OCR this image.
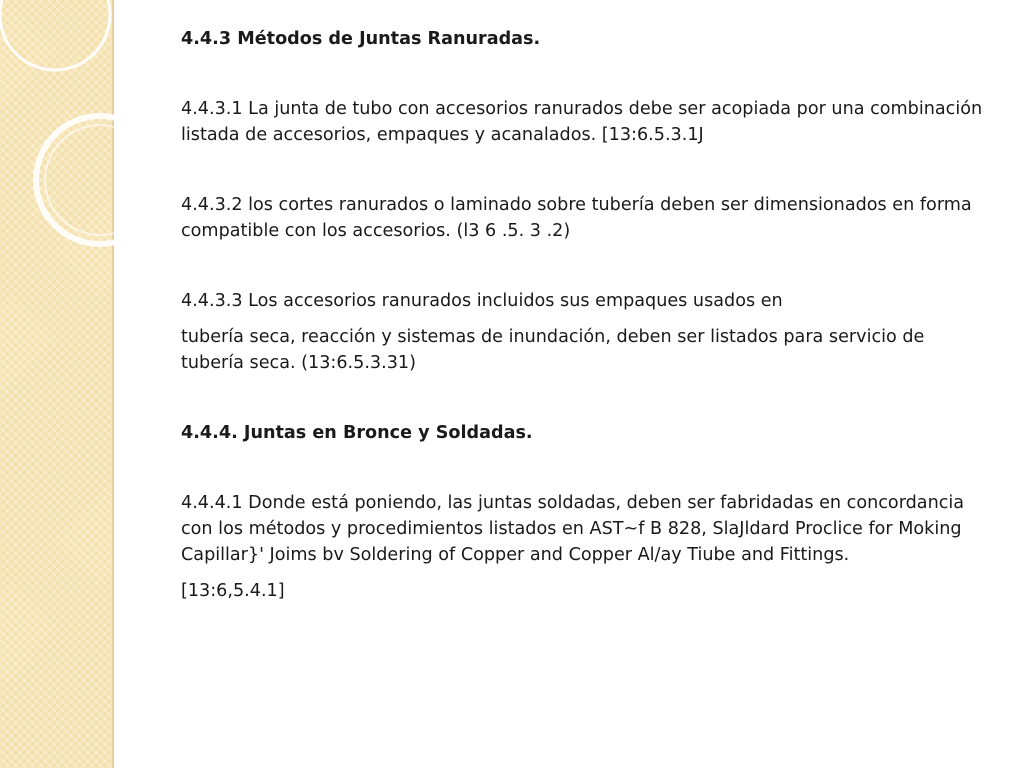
4.4.3 Métodos de Juntas Ranuradas.

4.4.3.1 La junta de tubo con accesorios ranurados debe ser acopiada por una combinación listada de accesorios, empaques y acanalados. [13:6.5.3.1J

4.4.3.2 los cortes ranurados o laminado sobre tubería deben ser dimensionados en forma compatible con los accesorios. (l3 6 .5. 3 .2)

4.4.3.3 Los accesorios ranurados incluidos sus empaques usados en

tubería seca, reacción y sistemas de inundación, deben ser listados para servicio de tubería seca. (13:6.5.3.31)

4.4.4. Juntas en Bronce y Soldadas.

4.4.4.1 Donde está poniendo, las juntas soldadas, deben ser fabridadas en concordancia con los métodos y procedimientos listados en AST~f B 828, SlaJldard Proclice for Moking Capillar}' Joims bv Soldering of Copper and Copper Al/ay Tiube and Fittings.

[13:6,5.4.1]
